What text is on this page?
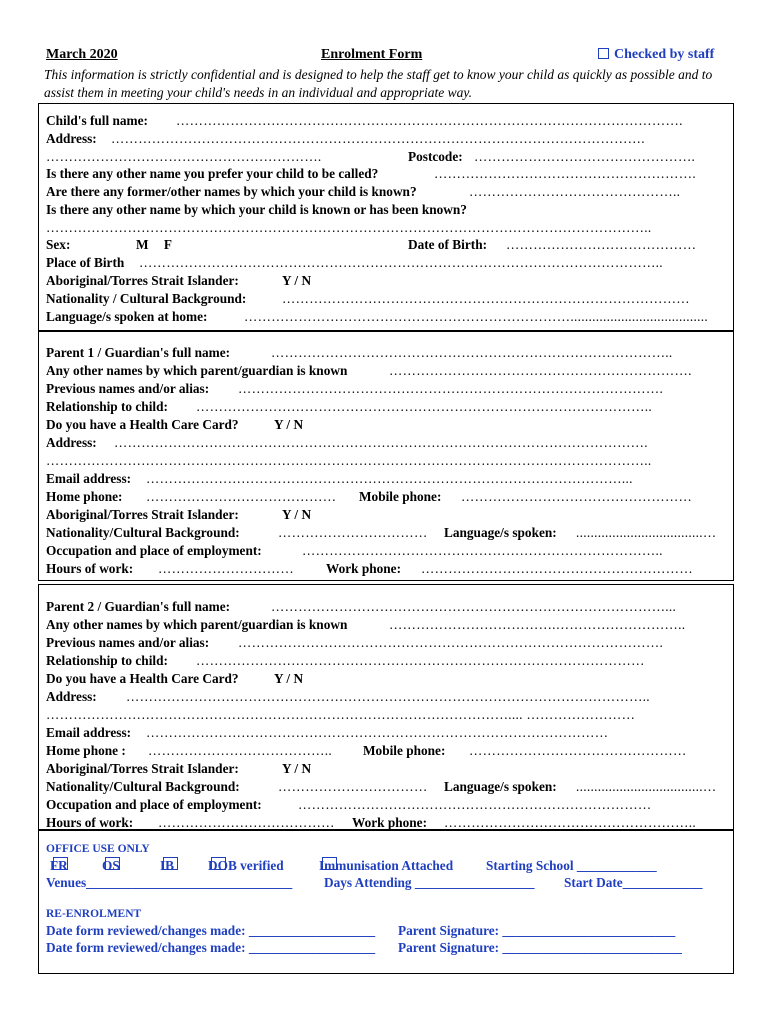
March 2020	Enrolment Form	Checked by staff
This information is strictly confidential and is designed to help the staff get to know your child as quickly as possible and to assist them in meeting your child's needs in an individual and appropriate way.
Child's full name: ………………………………………………………………………………………………….
Address: ……………………………………………………………………………………………………….
…………………………………………………….	Postcode: ………………………………………….
Is there any other name you prefer your child to be called?	………………………………………………….
Are there any former/other names by which your child is known?	………………………………………..
Is there any other name by which your child is known or has been known?
……………………………………………………………………………………………………………………..
Sex:	M F	Date of Birth: ……………………………………
Place of Birth ……………………………………………………………………………………………………..
Aboriginal/Torres Strait Islander:	Y / N
Nationality / Cultural Background:	………………………………………………………………………………
Language/s spoken at home:	………………………………………………………………......................................
Parent 1 / Guardian's full name:	……………………………………………………………………………..
Any other names by which parent/guardian is known	………………………………………………………….
Previous names and/or alias: ………………………………………………………………………………….
Relationship to child: ………………………………………………………………………………………..
Do you have a Health Care Card?	Y / N
Address: ……………………………………………………………………………………………………….
……………………………………………………………………………………………………………………..
Email address: ……………………………………………………………………………………………...
Home phone: …………………………………… Mobile phone: ……………………………………………
Aboriginal/Torres Strait Islander:	Y / N
Nationality/Cultural Background:	…………………………… Language/s spoken: ...................................…
Occupation and place of employment:	……………………………………………………………………..
Hours of work: ………………………… Work phone: ……………………………………………………
Parent 2 / Guardian's full name:	……………………………………………………………………………...
Any other names by which parent/guardian is known	……………………………….………………………..
Previous names and/or alias: ………………………………………………………………………………….
Relationship to child: ………………………………………………………………………………………
Do you have a Health Care Card?	Y / N
Address: ……………………………………………………………………………………………………..
………………………………………………………………………………………….... ……………………
Email address: …………………………………………………………………………………………
Home phone : ………………………………….. Mobile phone: …………………………………………
Aboriginal/Torres Strait Islander:	Y / N
Nationality/Cultural Background:	…………………………… Language/s spoken: ...................................…
Occupation and place of employment:	……………………………………………………………………
Hours of work: ………………………………… Work phone: ………………………………………………..
OFFICE USE ONLY
FR	OS	IB	DOB verified	Immunisation Attached Starting School ____________
Venues_______________________________ Days Attending __________________ Start Date____________
RE-ENROLMENT
Date form reviewed/changes made: ___________________ Parent Signature: __________________________
Date form reviewed/changes made: ___________________ Parent Signature: ___________________________
